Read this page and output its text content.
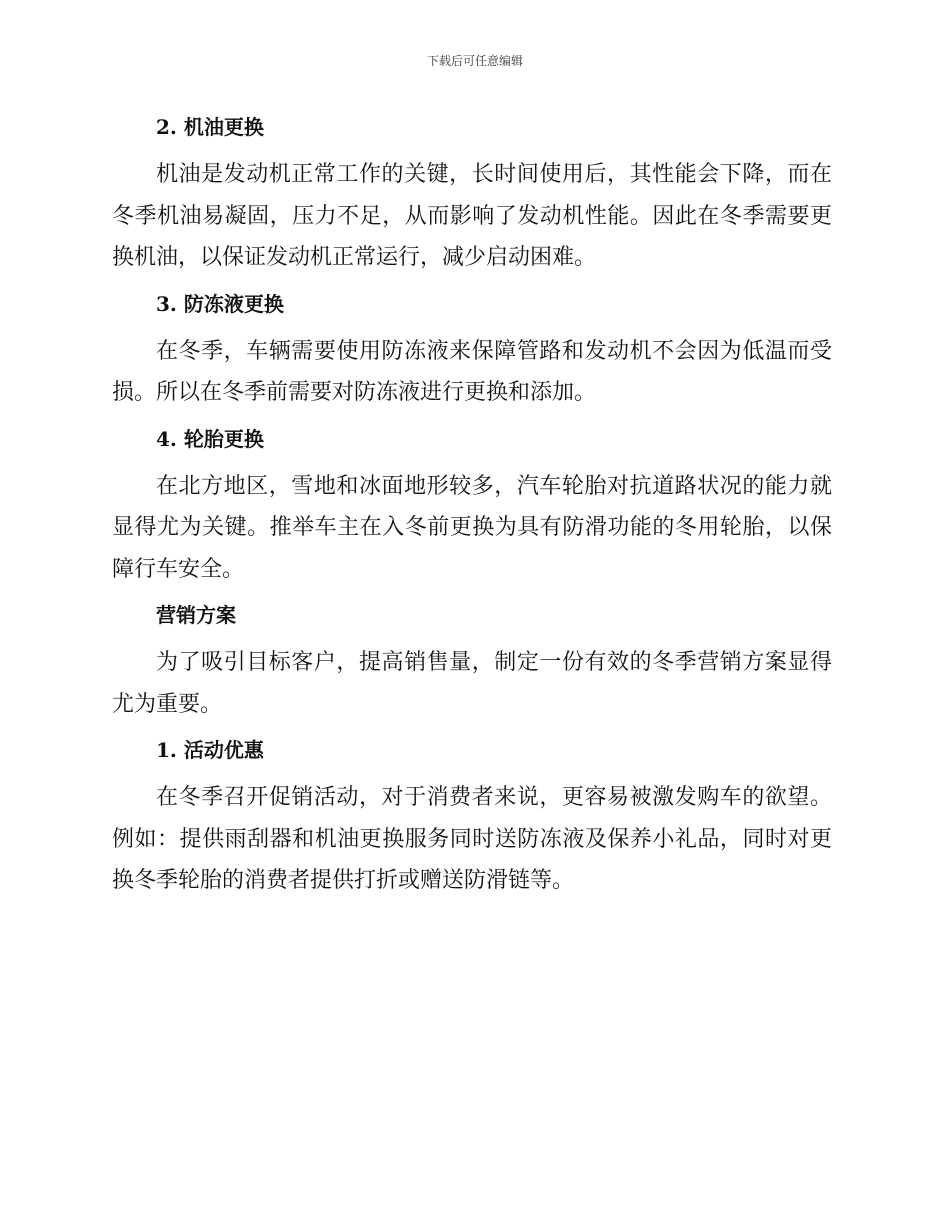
下载后可任意编辑

2. 机油更换

机油是发动机正常工作的关键，长时间使用后，其性能会下降，而在冬季机油易凝固，压力不足，从而影响了发动机性能。因此在冬季需要更换机油，以保证发动机正常运行，减少启动困难。

3. 防冻液更换

在冬季，车辆需要使用防冻液来保障管路和发动机不会因为低温而受损。所以在冬季前需要对防冻液进行更换和添加。

4. 轮胎更换

在北方地区，雪地和冰面地形较多，汽车轮胎对抗道路状况的能力就显得尤为关键。推举车主在入冬前更换为具有防滑功能的冬用轮胎，以保障行车安全。

营销方案

为了吸引目标客户，提高销售量，制定一份有效的冬季营销方案显得尤为重要。

1. 活动优惠

在冬季召开促销活动，对于消费者来说，更容易被激发购车的欲望。例如：提供雨刮器和机油更换服务同时送防冻液及保养小礼品，同时对更换冬季轮胎的消费者提供打折或赠送防滑链等。
